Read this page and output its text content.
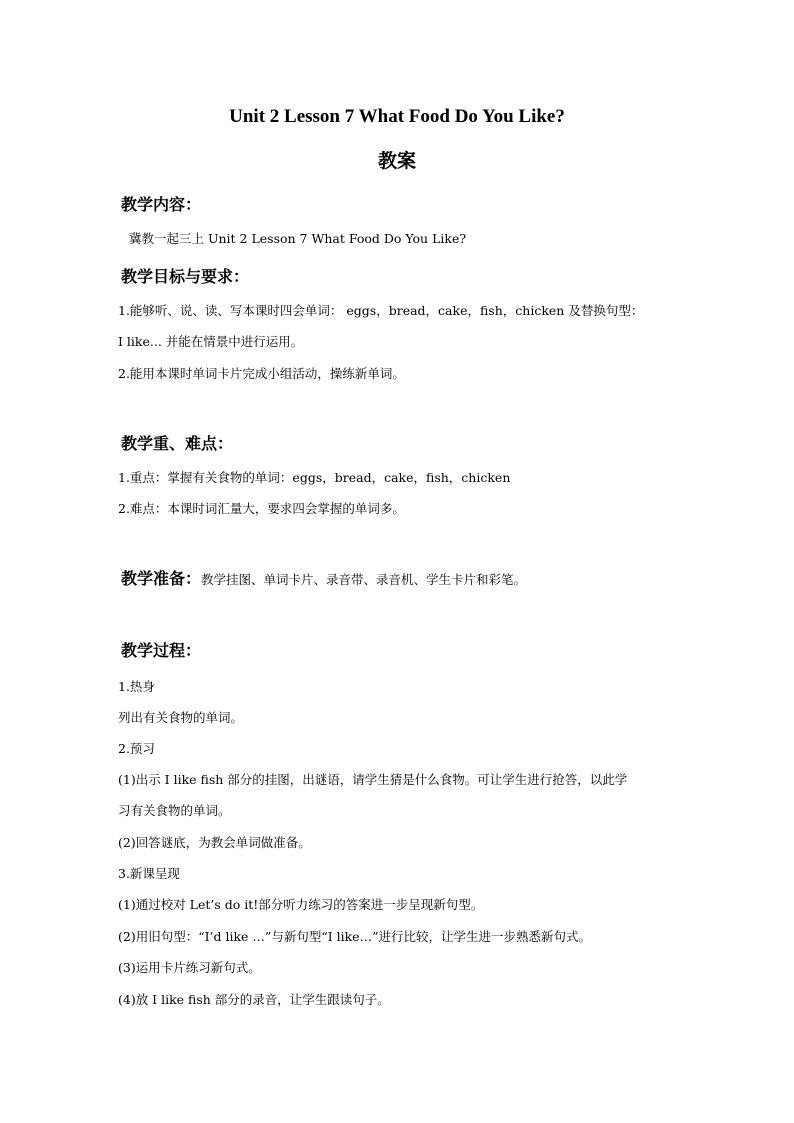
Unit 2 Lesson 7 What Food Do You Like?
教案
教学内容：
冀教一起三上 Unit 2 Lesson 7 What Food Do You Like?
教学目标与要求：
1.能够听、说、读、写本课时四会单词： eggs，bread，cake，fish，chicken 及替换句型：
I like... 并能在情景中进行运用。
2.能用本课时单词卡片完成小组活动，操练新单词。
教学重、难点：
1.重点：掌握有关食物的单词：eggs，bread，cake，fish，chicken
2.难点：本课时词汇量大，要求四会掌握的单词多。
教学准备：教学挂图、单词卡片、录音带、录音机、学生卡片和彩笔。
教学过程：
1.热身
列出有关食物的单词。
2.预习
(1)出示 I like fish 部分的挂图，出谜语，请学生猜是什么食物。可让学生进行抢答，以此学
习有关食物的单词。
(2)回答谜底，为教会单词做准备。
3.新课呈现
(1)通过校对 Let’s do it!部分听力练习的答案进一步呈现新句型。
(2)用旧句型：“I’d like …”与新句型“I like…”进行比较，让学生进一步熟悉新句式。
(3)运用卡片练习新句式。
(4)放 I like fish 部分的录音，让学生跟读句子。
